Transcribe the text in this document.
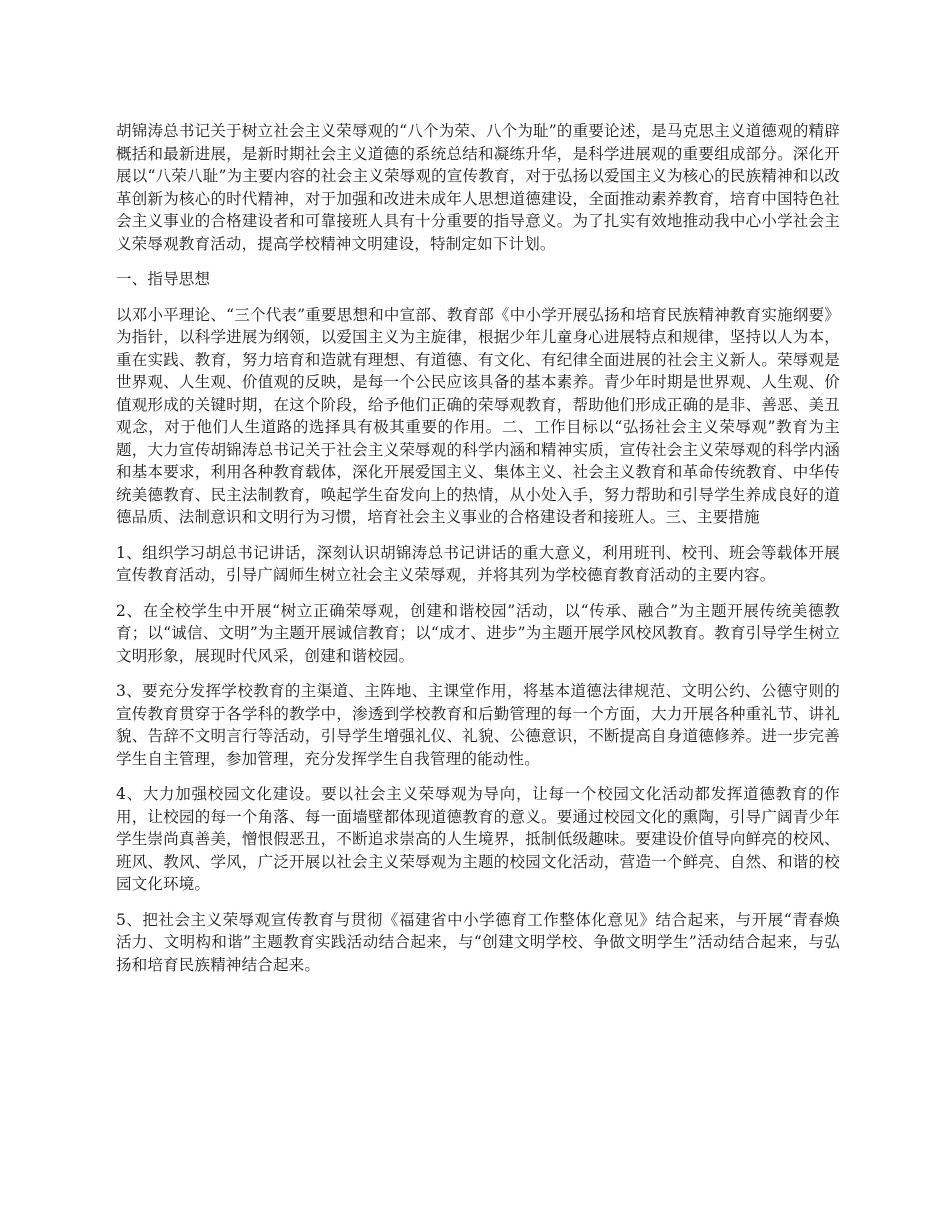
胡锦涛总书记关于树立社会主义荣辱观的“八个为荣、八个为耻”的重要论述，是马克思主义道德观的精辟概括和最新进展，是新时期社会主义道德的系统总结和凝练升华，是科学进展观的重要组成部分。深化开展以“八荣八耻”为主要内容的社会主义荣辱观的宣传教育，对于弘扬以爱国主义为核心的民族精神和以改革创新为核心的时代精神，对于加强和改进未成年人思想道德建设，全面推动素养教育，培育中国特色社会主义事业的合格建设者和可靠接班人具有十分重要的指导意义。为了扎实有效地推动我中心小学社会主义荣辱观教育活动，提高学校精神文明建设，特制定如下计划。

一、指导思想

以邓小平理论、“三个代表”重要思想和中宣部、教育部《中小学开展弘扬和培育民族精神教育实施纲要》为指针，以科学进展为纲领，以爱国主义为主旋律，根据少年儿童身心进展特点和规律，坚持以人为本，重在实践、教育，努力培育和造就有理想、有道德、有文化、有纪律全面进展的社会主义新人。荣辱观是世界观、人生观、价值观的反映，是每一个公民应该具备的基本素养。青少年时期是世界观、人生观、价值观形成的关键时期，在这个阶段，给予他们正确的荣辱观教育，帮助他们形成正确的是非、善恶、美丑观念，对于他们人生道路的选择具有极其重要的作用。二、工作目标以“弘扬社会主义荣辱观”教育为主题，大力宣传胡锦涛总书记关于社会主义荣辱观的科学内涵和精神实质，宣传社会主义荣辱观的科学内涵和基本要求，利用各种教育载体，深化开展爱国主义、集体主义、社会主义教育和革命传统教育、中华传统美德教育、民主法制教育，唤起学生奋发向上的热情，从小处入手，努力帮助和引导学生养成良好的道德品质、法制意识和文明行为习惯，培育社会主义事业的合格建设者和接班人。三、主要措施

1、组织学习胡总书记讲话，深刻认识胡锦涛总书记讲话的重大意义，利用班刊、校刊、班会等载体开展宣传教育活动，引导广阔师生树立社会主义荣辱观，并将其列为学校德育教育活动的主要内容。

2、在全校学生中开展“树立正确荣辱观，创建和谐校园”活动，以“传承、融合”为主题开展传统美德教育；以“诚信、文明”为主题开展诚信教育；以“成才、进步”为主题开展学风校风教育。教育引导学生树立文明形象，展现时代风采，创建和谐校园。

3、要充分发挥学校教育的主渠道、主阵地、主课堂作用，将基本道德法律规范、文明公约、公德守则的宣传教育贯穿于各学科的教学中，渗透到学校教育和后勤管理的每一个方面，大力开展各种重礼节、讲礼貌、告辞不文明言行等活动，引导学生增强礼仪、礼貌、公德意识，不断提高自身道德修养。进一步完善学生自主管理，参加管理，充分发挥学生自我管理的能动性。

4、大力加强校园文化建设。要以社会主义荣辱观为导向，让每一个校园文化活动都发挥道德教育的作用，让校园的每一个角落、每一面墙壁都体现道德教育的意义。要通过校园文化的熏陶，引导广阔青少年学生崇尚真善美，憎恨假恶丑，不断追求崇高的人生境界，抵制低级趣味。要建设价值导向鲜亮的校风、班风、教风、学风，广泛开展以社会主义荣辱观为主题的校园文化活动，营造一个鲜亮、自然、和谐的校园文化环境。

5、把社会主义荣辱观宣传教育与贯彻《福建省中小学德育工作整体化意见》结合起来，与开展“青春焕活力、文明构和谐”主题教育实践活动结合起来，与“创建文明学校、争做文明学生”活动结合起来，与弘扬和培育民族精神结合起来。
